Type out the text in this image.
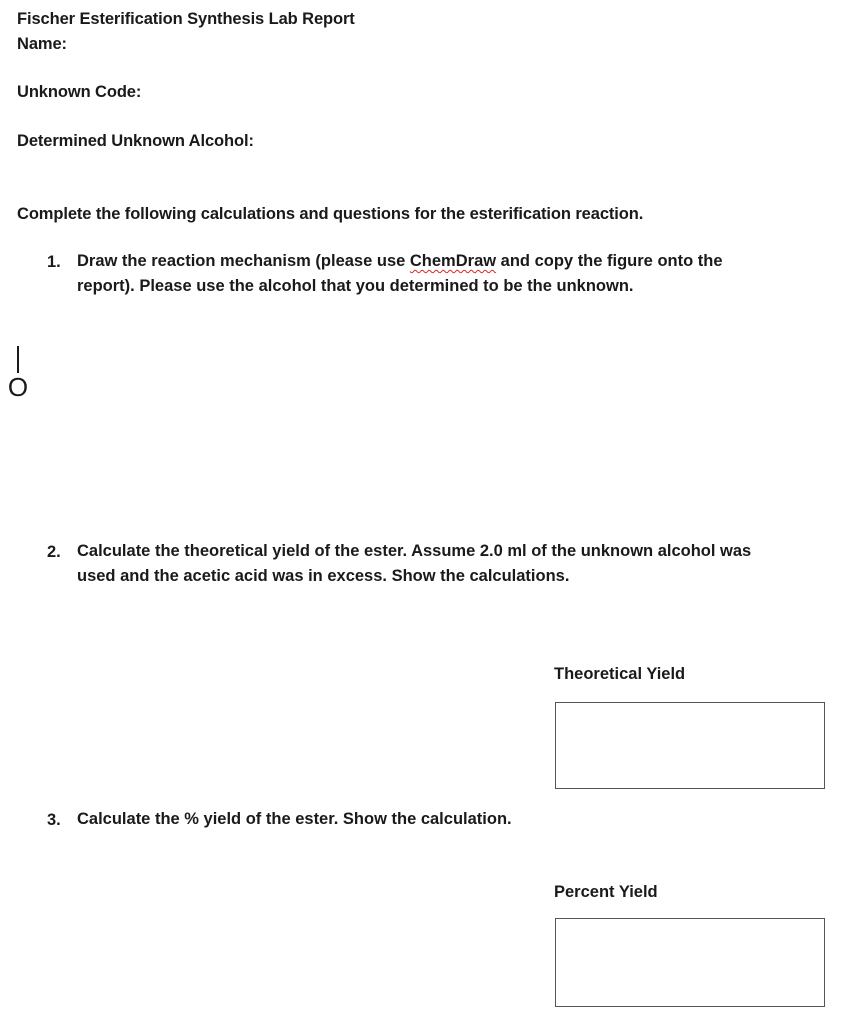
Fischer Esterification Synthesis Lab Report
Name:
Unknown Code:
Determined Unknown Alcohol:
Complete the following calculations and questions for the esterification reaction.
1. Draw the reaction mechanism (please use ChemDraw and copy the figure onto the
report). Please use the alcohol that you determined to be the unknown.
O
2. Calculate the theoretical yield of the ester. Assume 2.0 ml of the unknown alcohol was
used and the acetic acid was in excess. Show the calculations.
Theoretical Yield
3. Calculate the % yield of the ester. Show the calculation.
Percent Yield
